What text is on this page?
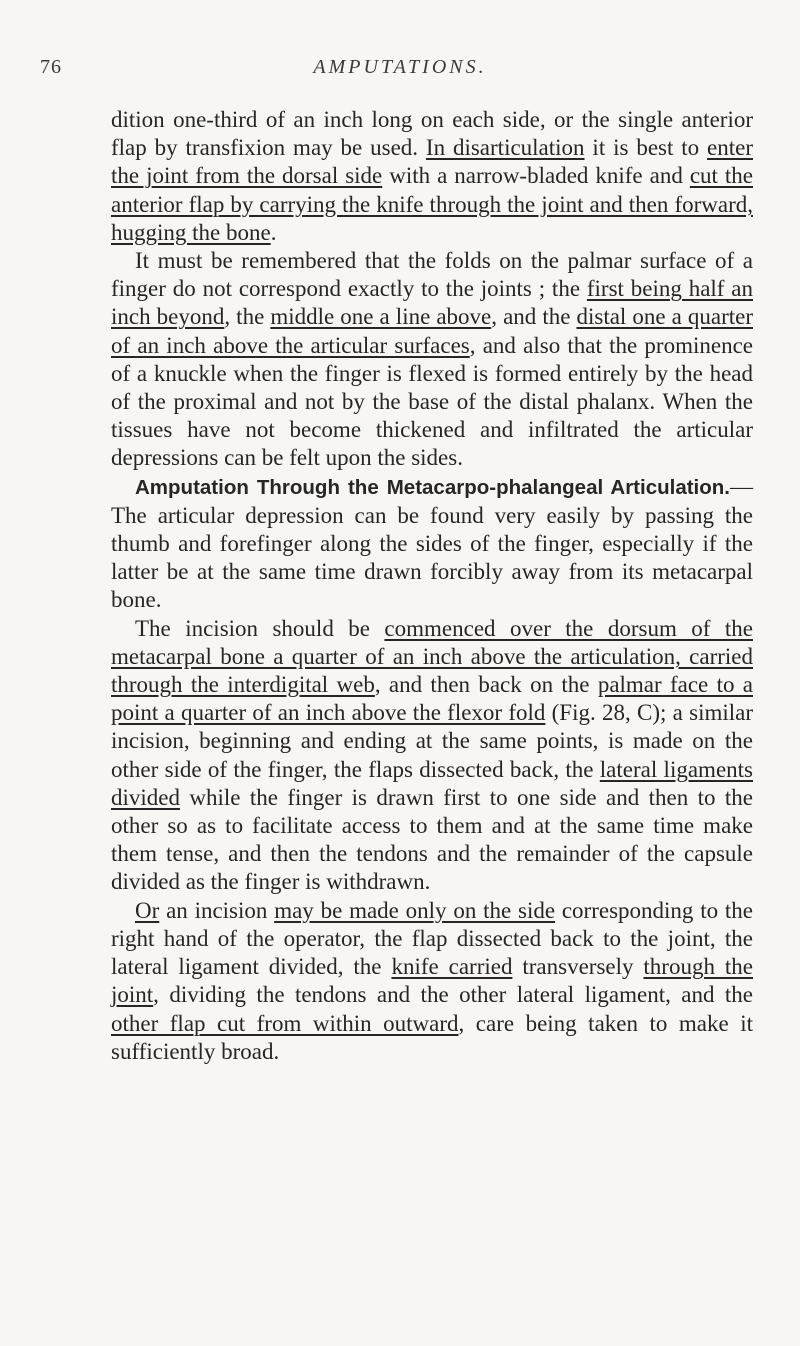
76	AMPUTATIONS.

dition one-third of an inch long on each side, or the single anterior flap by transfixion may be used. In disarticulation it is best to enter the joint from the dorsal side with a narrow-bladed knife and cut the anterior flap by carrying the knife through the joint and then forward, hugging the bone.

It must be remembered that the folds on the palmar surface of a finger do not correspond exactly to the joints ; the first being half an inch beyond, the middle one a line above, and the distal one a quarter of an inch above the articular surfaces, and also that the prominence of a knuckle when the finger is flexed is formed entirely by the head of the proximal and not by the base of the distal phalanx. When the tissues have not become thickened and infiltrated the articular depressions can be felt upon the sides.

Amputation Through the Metacarpo-phalangeal Articulation.—The articular depression can be found very easily by passing the thumb and forefinger along the sides of the finger, especially if the latter be at the same time drawn forcibly away from its metacarpal bone.

The incision should be commenced over the dorsum of the metacarpal bone a quarter of an inch above the articulation, carried through the interdigital web, and then back on the palmar face to a point a quarter of an inch above the flexor fold (Fig. 28, C); a similar incision, beginning and ending at the same points, is made on the other side of the finger, the flaps dissected back, the lateral ligaments divided while the finger is drawn first to one side and then to the other so as to facilitate access to them and at the same time make them tense, and then the tendons and the remainder of the capsule divided as the finger is withdrawn.

Or an incision may be made only on the side corresponding to the right hand of the operator, the flap dissected back to the joint, the lateral ligament divided, the knife carried transversely through the joint, dividing the tendons and the other lateral ligament, and the other flap cut from within outward, care being taken to make it sufficiently broad.
